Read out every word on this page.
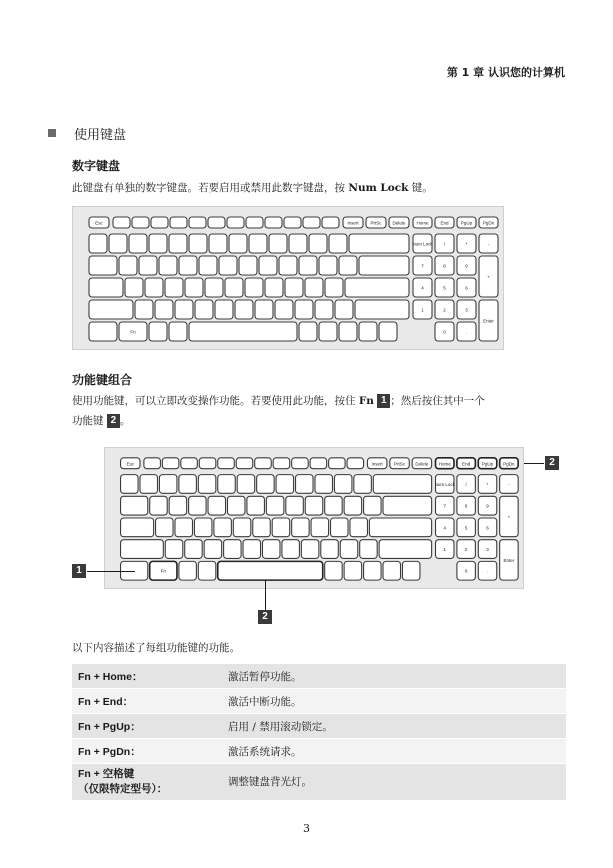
第 1 章 认识您的计算机
使用键盘
数字键盘
此键盘有单独的数字键盘。若要启用或禁用此数字键盘，按 Num Lock 键。
Esc	Insert	PrtSc Delete Home	End	PgUp PgDn
Fn
Num Lock /	*	-
7	8	9
+
4	5	6
1	2	3
Enter
0	.
功能键组合
使用功能键，可以立即改变操作功能。若要使用此功能，按住 Fn 1 ；然后按住其中一个
功能键 2 。
Esc	Insert PrtSc Delete Home	End	PgUp PgDn
Fn
Num Lock /	*	-
7	8	9
+
4	5	6
1	2	3
Enter
0	.
2
1
2
以下内容描述了每组功能键的功能。
Fn + Home：	激活暂停功能。
Fn + End：	激活中断功能。
Fn + PgUp：	启用 / 禁用滚动锁定。
Fn + PgDn：	激活系统请求。
Fn + 空格键
（仅限特定型号）：	调整键盘背光灯。
3
